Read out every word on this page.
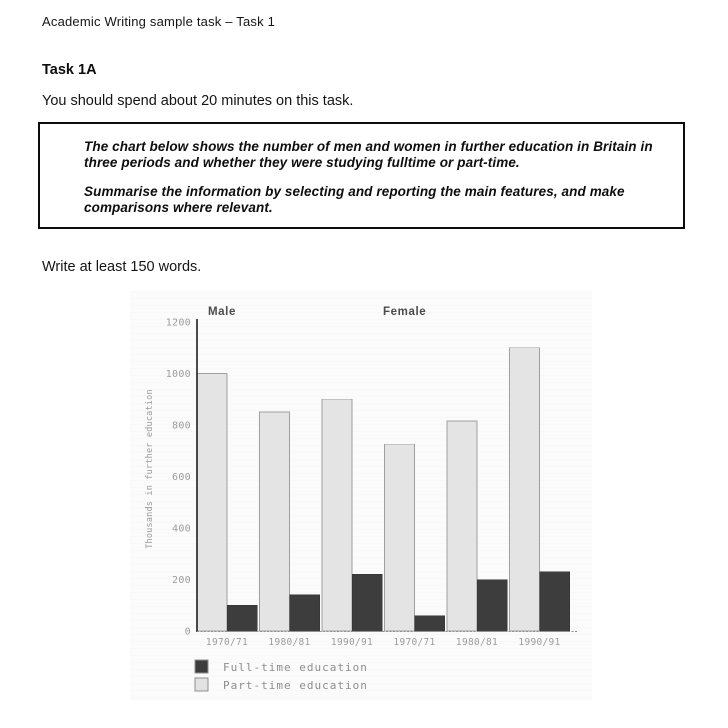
Academic Writing sample task – Task 1
Task 1A
You should spend about 20 minutes on this task.

The chart below shows the number of men and women in further education in Britain in three periods and whether they were studying fulltime or part-time.

Summarise the information by selecting and reporting the main features, and make comparisons where relevant.

Write at least 150 words.
Male	Female
0
200
400
600
800
1000
1200
Thousands in further education
1970/71 1980/81 1990/91 1970/71 1980/81 1990/91
Full-time education
Part-time education
